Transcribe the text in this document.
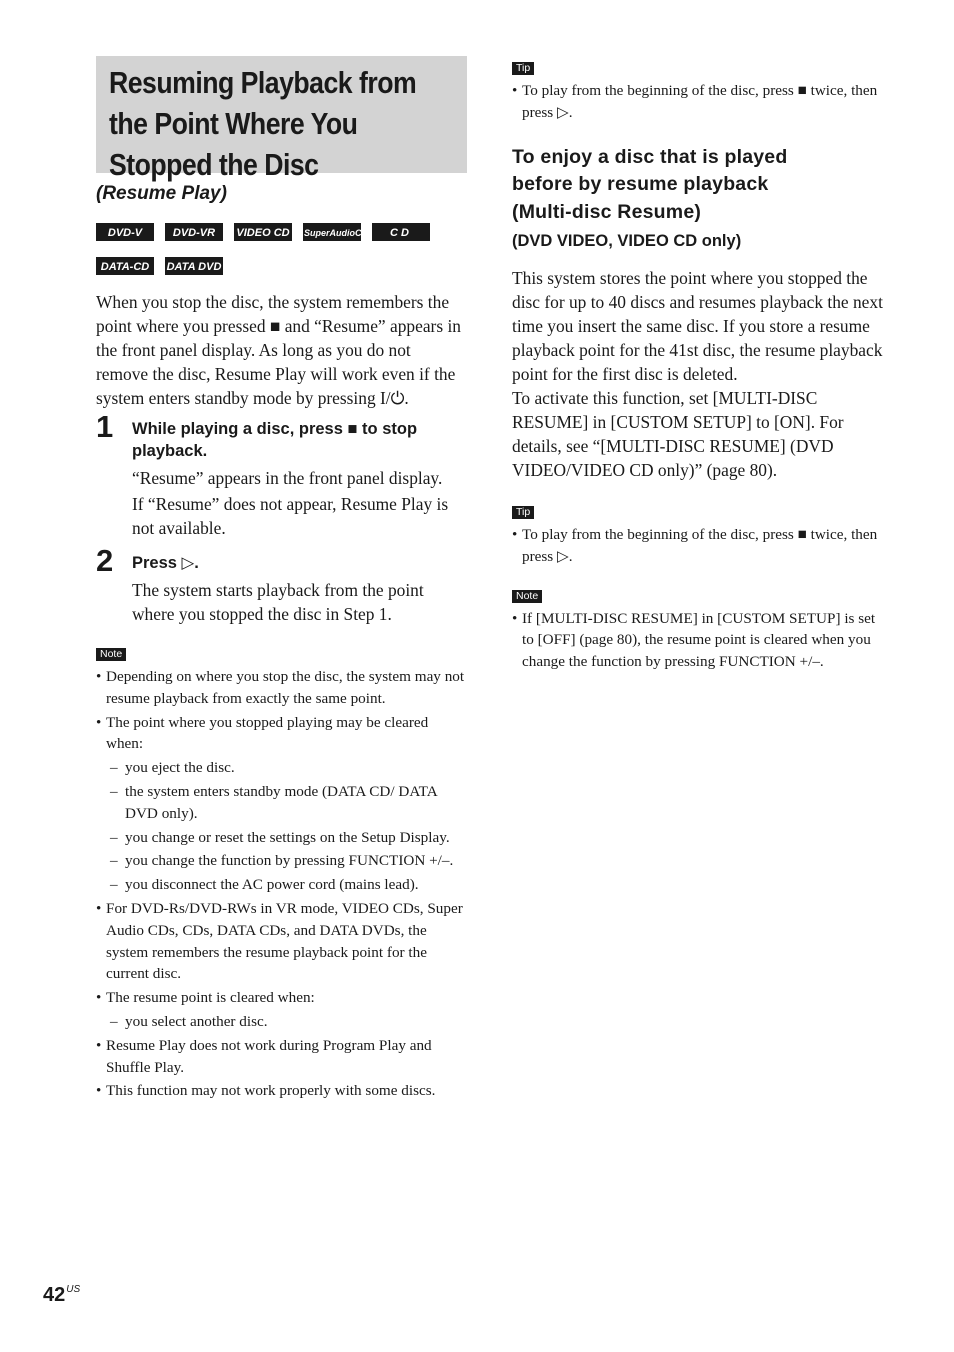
Resuming Playback from
the Point Where You
Stopped the Disc

(Resume Play)

DVD-V	DVD-VR	VIDEO CD SuperAudioCD	CD
DATA-CD	DATA DVD

When you stop the disc, the system remembers the point where you pressed ■ and “Resume” appears in the front panel display. As long as you do not remove the disc, Resume Play will work even if the system enters standby mode by pressing I/⏻.

1 While playing a disc, press ■ to stop playback.

“Resume” appears in the front panel display.

If “Resume” does not appear, Resume Play is not available.

2 Press ▷.

The system starts playback from the point where you stopped the disc in Step 1.

Note

• Depending on where you stop the disc, the system may not resume playback from exactly the same point.

• The point where you stopped playing may be cleared when:

– you eject the disc.

– the system enters standby mode (DATA CD/ DATA DVD only).

– you change or reset the settings on the Setup Display.

– you change the function by pressing FUNCTION +/–.

– you disconnect the AC power cord (mains lead).

• For DVD-Rs/DVD-RWs in VR mode, VIDEO CDs, Super Audio CDs, CDs, DATA CDs, and DATA DVDs, the system remembers the resume playback point for the current disc.

• The resume point is cleared when:

– you select another disc.

• Resume Play does not work during Program Play and Shuffle Play.

• This function may not work properly with some discs.

Tip

• To play from the beginning of the disc, press ■ twice, then press ▷.

To enjoy a disc that is played
before by resume playback
(Multi-disc Resume)

(DVD VIDEO, VIDEO CD only)

This system stores the point where you stopped the disc for up to 40 discs and resumes playback the next time you insert the same disc. If you store a resume playback point for the 41st disc, the resume playback point for the first disc is deleted.

To activate this function, set [MULTI-DISC RESUME] in [CUSTOM SETUP] to [ON]. For details, see “[MULTI-DISC RESUME] (DVD VIDEO/VIDEO CD only)” (page 80).

Tip

• To play from the beginning of the disc, press ■ twice, then press ▷.

Note

• If [MULTI-DISC RESUME] in [CUSTOM SETUP] is set to [OFF] (page 80), the resume point is cleared when you change the function by pressing FUNCTION +/–.

$42^{US}$
